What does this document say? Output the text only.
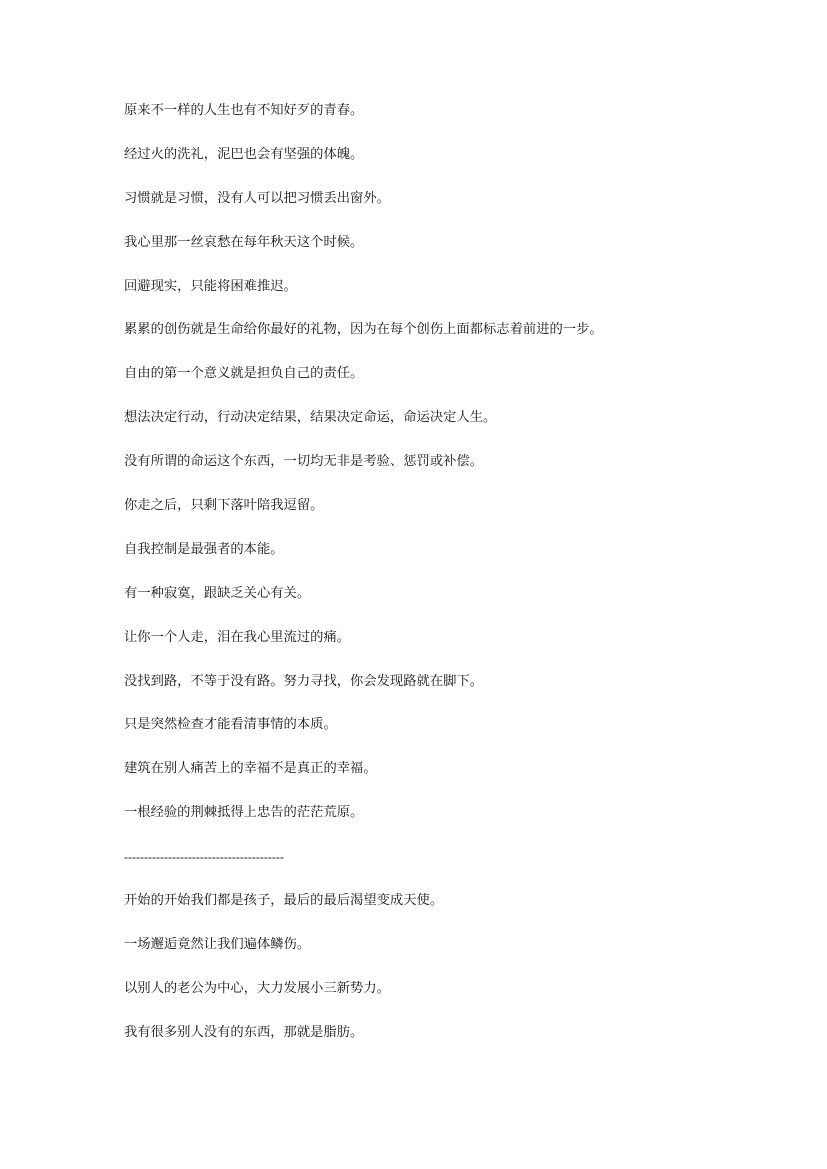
原来不一样的人生也有不知好歹的青春。

经过火的洗礼，泥巴也会有坚强的体魄。

习惯就是习惯，没有人可以把习惯丢出窗外。

我心里那一丝哀愁在每年秋天这个时候。

回避现实，只能将困难推迟。

累累的创伤就是生命给你最好的礼物，因为在每个创伤上面都标志着前进的一步。

自由的第一个意义就是担负自己的责任。

想法决定行动，行动决定结果，结果决定命运，命运决定人生。

没有所谓的命运这个东西，一切均无非是考验、惩罚或补偿。

你走之后，只剩下落叶陪我逗留。

自我控制是最强者的本能。

有一种寂寞，跟缺乏关心有关。

让你一个人走，泪在我心里流过的痛。

没找到路，不等于没有路。努力寻找，你会发现路就在脚下。

只是突然检查才能看清事情的本质。

建筑在别人痛苦上的幸福不是真正的幸福。

一根经验的荆棘抵得上忠告的茫茫荒原。

----------------------------------------

开始的开始我们都是孩子，最后的最后渴望变成天使。

一场邂逅竟然让我们遍体鳞伤。

以别人的老公为中心，大力发展小三新势力。

我有很多别人没有的东西，那就是脂肪。
